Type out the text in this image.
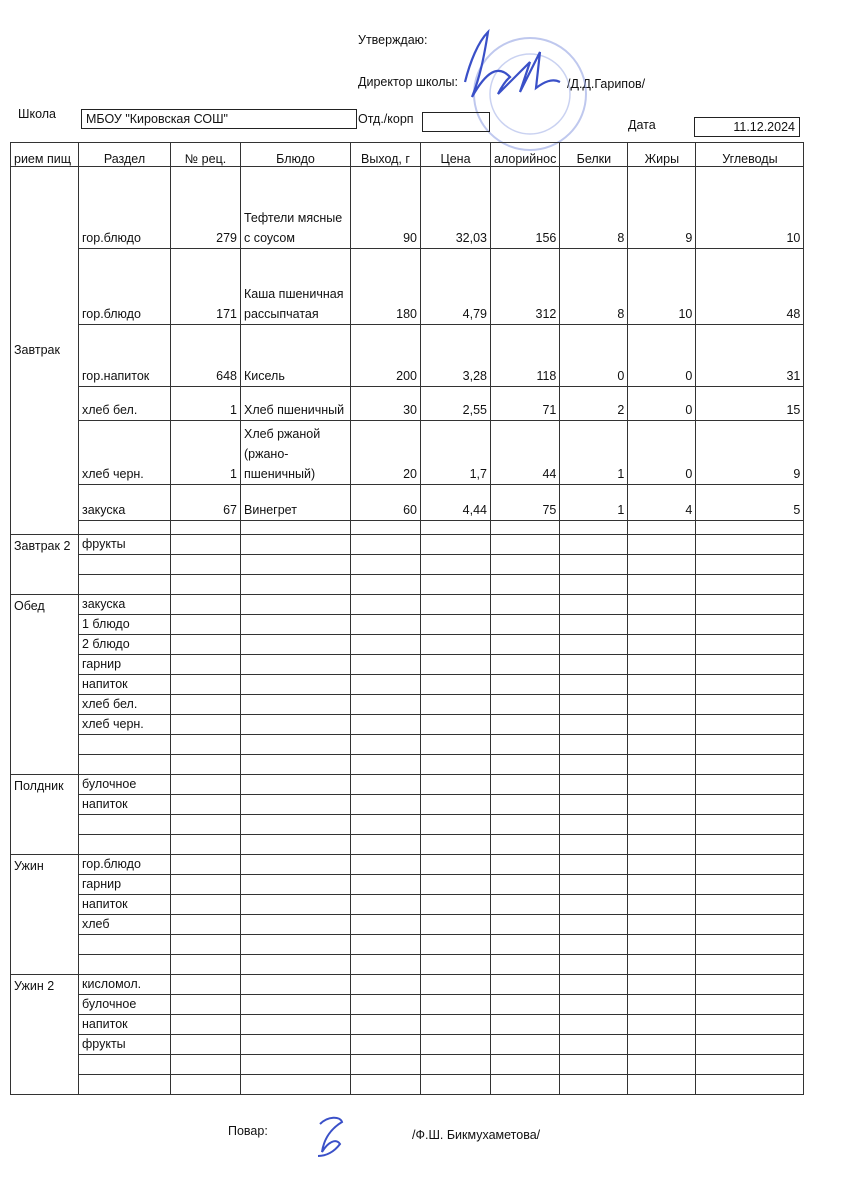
Утверждаю:
Директор школы:	/Д.Д.Гарипов/
Школа	МБОУ "Кировская СОШ"	Отд./корп	Дата	11.12.2024
рием пищ	Раздел	№ рец.	Блюдо	Выход, г	Цена	алорийнос	Белки	Жиры	Углеводы
Завтрак	гор.блюдо	279	Тефтели мясные с соусом	90	32,03	156	8	9	10
	гор.блюдо	171	Каша пшеничная рассыпчатая	180	4,79	312	8	10	48
	гор.напиток	648	Кисель	200	3,28	118	0	0	31
	хлеб бел.	1	Хлеб пшеничный	30	2,55	71	2	0	15
	хлеб черн.	1	Хлеб ржаной (ржано-пшеничный)	20	1,7	44	1	0	9
	закуска	67	Винегрет	60	4,44	75	1	4	5

Завтрак 2	фрукты								

Обед	закуска								
	1 блюдо								
	2 блюдо								
	гарнир								
	напиток								
	хлеб бел.								
	хлеб черн.								

Полдник	булочное								
	напиток								

Ужин	гор.блюдо								
	гарнир								
	напиток								
	хлеб								

Ужин 2	кисломол.								
	булочное								
	напиток								
	фрукты								

Повар:	/Ф.Ш. Бикмухаметова/
